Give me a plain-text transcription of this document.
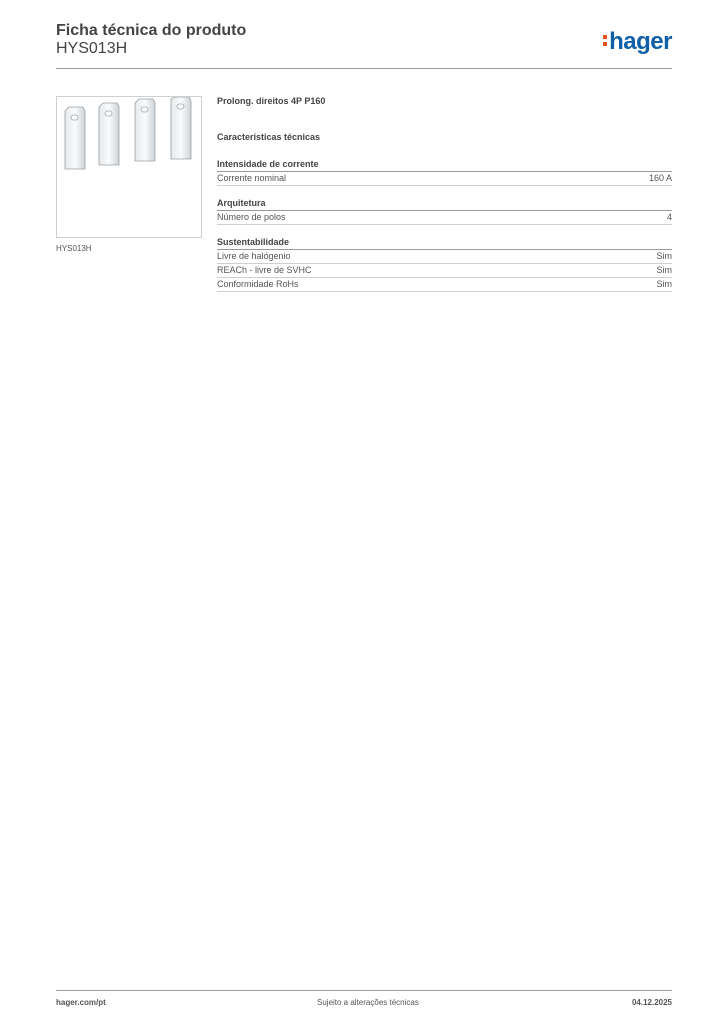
Ficha técnica do produto
HYS013H	hager
HYS013H
Prolong. direitos 4P P160
Características técnicas
Intensidade de corrente
Corrente nominal	160 A
Arquitetura
Número de polos	4
Sustentabilidade
Livre de halógenio	Sim
REACh - livre de SVHC	Sim
Conformidade RoHs	Sim
hager.com/pt	Sujeito a alterações técnicas	04.12.2025
